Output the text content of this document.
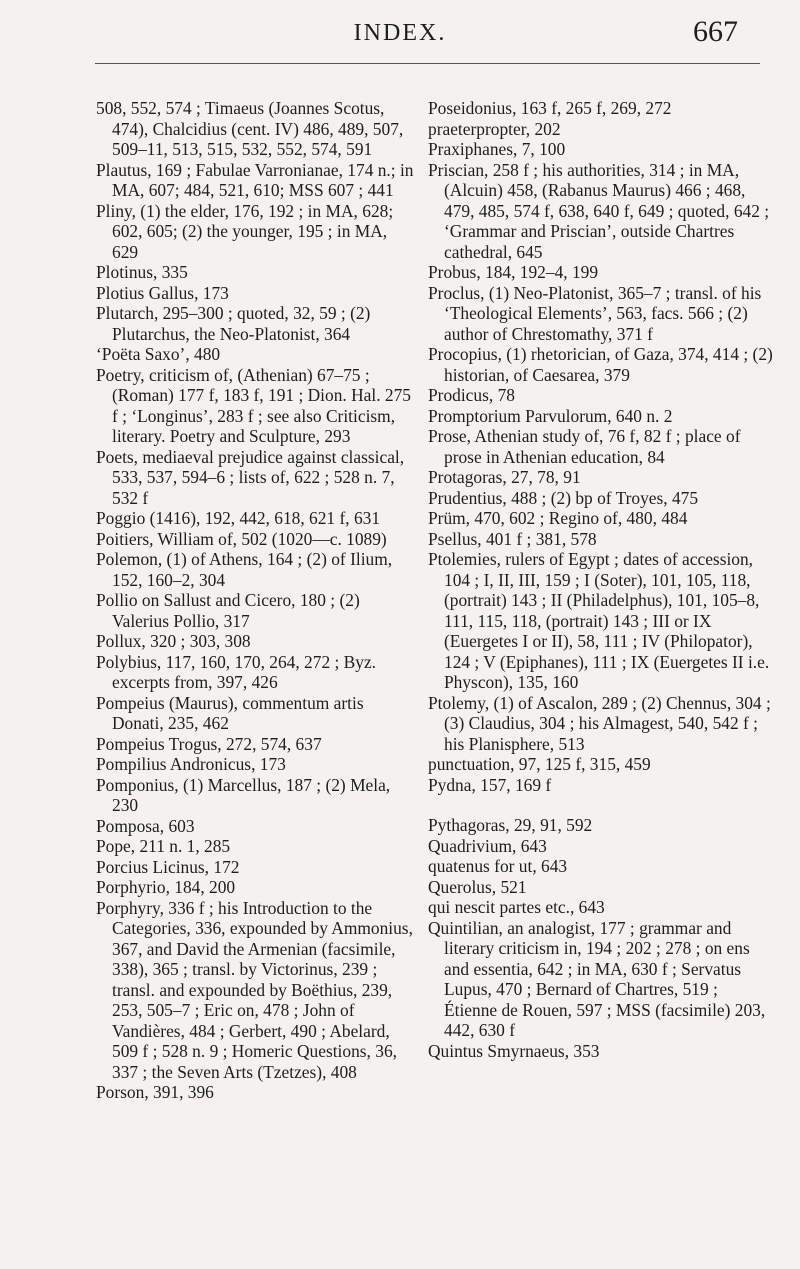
INDEX.	667

508, 552, 574 ; Timaeus (Joannes Scotus, 474), Chalcidius (cent. IV) 486, 489, 507, 509–11, 513, 515, 532, 552, 574, 591

Plautus, 169 ; Fabulae Varronianae, 174 n.; in MA, 607; 484, 521, 610; MSS 607 ; 441

Pliny, (1) the elder, 176, 192 ; in MA, 628; 602, 605; (2) the younger, 195 ; in MA, 629

Plotinus, 335

Plotius Gallus, 173

Plutarch, 295–300 ; quoted, 32, 59 ; (2) Plutarchus, the Neo-Platonist, 364

‘Poëta Saxo’, 480

Poetry, criticism of, (Athenian) 67–75 ; (Roman) 177 f, 183 f, 191 ; Dion. Hal. 275 f ; ‘Longinus’, 283 f ; see also Criticism, literary. Poetry and Sculpture, 293

Poets, mediaeval prejudice against classical, 533, 537, 594–6 ; lists of, 622 ; 528 n. 7, 532 f

Poggio (1416), 192, 442, 618, 621 f, 631

Poitiers, William of, 502 (1020—c. 1089)

Polemon, (1) of Athens, 164 ; (2) of Ilium, 152, 160–2, 304

Pollio on Sallust and Cicero, 180 ; (2) Valerius Pollio, 317

Pollux, 320 ; 303, 308

Polybius, 117, 160, 170, 264, 272 ; Byz. excerpts from, 397, 426

Pompeius (Maurus), commentum artis Donati, 235, 462

Pompeius Trogus, 272, 574, 637

Pompilius Andronicus, 173

Pomponius, (1) Marcellus, 187 ; (2) Mela, 230

Pomposa, 603

Pope, 211 n. 1, 285

Porcius Licinus, 172

Porphyrio, 184, 200

Porphyry, 336 f ; his Introduction to the Categories, 336, expounded by Ammonius, 367, and David the Armenian (facsimile, 338), 365 ; transl. by Victorinus, 239 ; transl. and expounded by Boëthius, 239, 253, 505–7 ; Eric on, 478 ; John of Vandières, 484 ; Gerbert, 490 ; Abelard, 509 f ; 528 n. 9 ; Homeric Questions, 36, 337 ; the Seven Arts (Tzetzes), 408

Porson, 391, 396

Poseidonius, 163 f, 265 f, 269, 272

praeterpropter, 202

Praxiphanes, 7, 100

Priscian, 258 f ; his authorities, 314 ; in MA, (Alcuin) 458, (Rabanus Maurus) 466 ; 468, 479, 485, 574 f, 638, 640 f, 649 ; quoted, 642 ; ‘Grammar and Priscian’, outside Chartres cathedral, 645

Probus, 184, 192–4, 199

Proclus, (1) Neo-Platonist, 365–7 ; transl. of his ‘Theological Elements’, 563, facs. 566 ; (2) author of Chrestomathy, 371 f

Procopius, (1) rhetorician, of Gaza, 374, 414 ; (2) historian, of Caesarea, 379

Prodicus, 78

Promptorium Parvulorum, 640 n. 2

Prose, Athenian study of, 76 f, 82 f ; place of prose in Athenian education, 84

Protagoras, 27, 78, 91

Prudentius, 488 ; (2) bp of Troyes, 475

Prüm, 470, 602 ; Regino of, 480, 484

Psellus, 401 f ; 381, 578

Ptolemies, rulers of Egypt ; dates of accession, 104 ; I, II, III, 159 ; I (Soter), 101, 105, 118, (portrait) 143 ; II (Philadelphus), 101, 105–8, 111, 115, 118, (portrait) 143 ; III or IX (Euergetes I or II), 58, 111 ; IV (Philopator), 124 ; V (Epiphanes), 111 ; IX (Euergetes II i.e. Physcon), 135, 160

Ptolemy, (1) of Ascalon, 289 ; (2) Chennus, 304 ; (3) Claudius, 304 ; his Almagest, 540, 542 f ; his Planisphere, 513

punctuation, 97, 125 f, 315, 459

Pydna, 157, 169 f

Pythagoras, 29, 91, 592

Quadrivium, 643

quatenus for ut, 643

Querolus, 521

qui nescit partes etc., 643

Quintilian, an analogist, 177 ; grammar and literary criticism in, 194 ; 202 ; 278 ; on ens and essentia, 642 ; in MA, 630 f ; Servatus Lupus, 470 ; Bernard of Chartres, 519 ; Étienne de Rouen, 597 ; MSS (facsimile) 203, 442, 630 f

Quintus Smyrnaeus, 353
